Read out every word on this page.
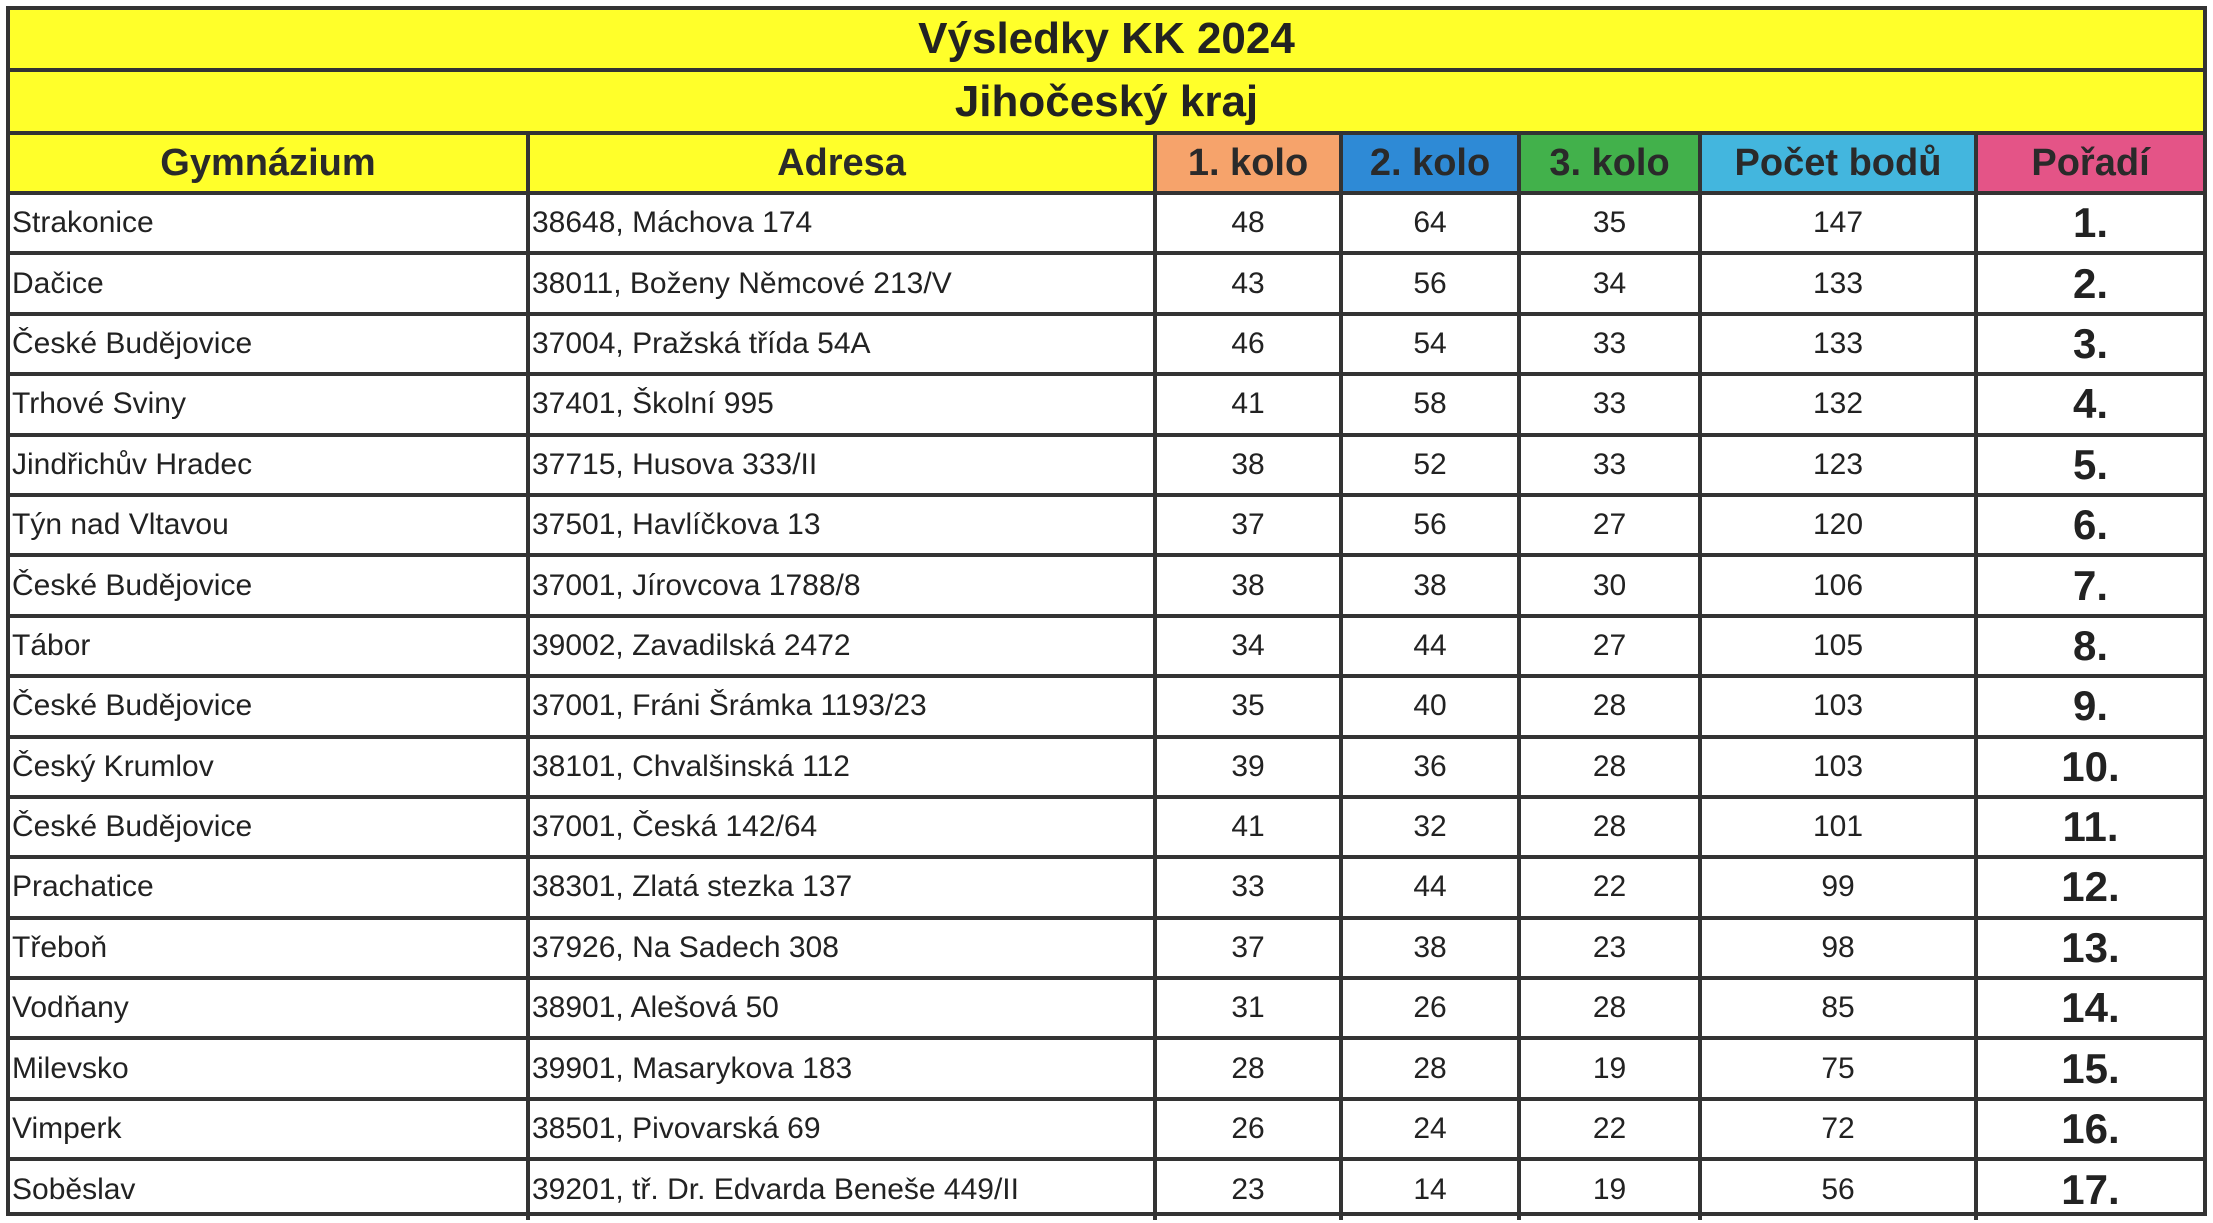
Výsledky KK 2024
Jihočeský kraj
Gymnázium	Adresa	1. kolo	2. kolo	3. kolo	Počet bodů	Pořadí
Strakonice	38648, Máchova 174	48	64	35	147	1.
Dačice	38011, Boženy Němcové 213/V	43	56	34	133	2.
České Budějovice	37004, Pražská třída 54A	46	54	33	133	3.
Trhové Sviny	37401, Školní 995	41	58	33	132	4.
Jindřichův Hradec	37715, Husova 333/II	38	52	33	123	5.
Týn nad Vltavou	37501, Havlíčkova 13	37	56	27	120	6.
České Budějovice	37001, Jírovcova 1788/8	38	38	30	106	7.
Tábor	39002, Zavadilská 2472	34	44	27	105	8.
České Budějovice	37001, Fráni Šrámka 1193/23	35	40	28	103	9.
Český Krumlov	38101, Chvalšinská 112	39	36	28	103	10.
České Budějovice	37001, Česká 142/64	41	32	28	101	11.
Prachatice	38301, Zlatá stezka 137	33	44	22	99	12.
Třeboň	37926, Na Sadech 308	37	38	23	98	13.
Vodňany	38901, Alešová 50	31	26	28	85	14.
Milevsko	39901, Masarykova 183	28	28	19	75	15.
Vimperk	38501, Pivovarská 69	26	24	22	72	16.
Soběslav	39201, tř. Dr. Edvarda Beneše 449/II	23	14	19	56	17.
